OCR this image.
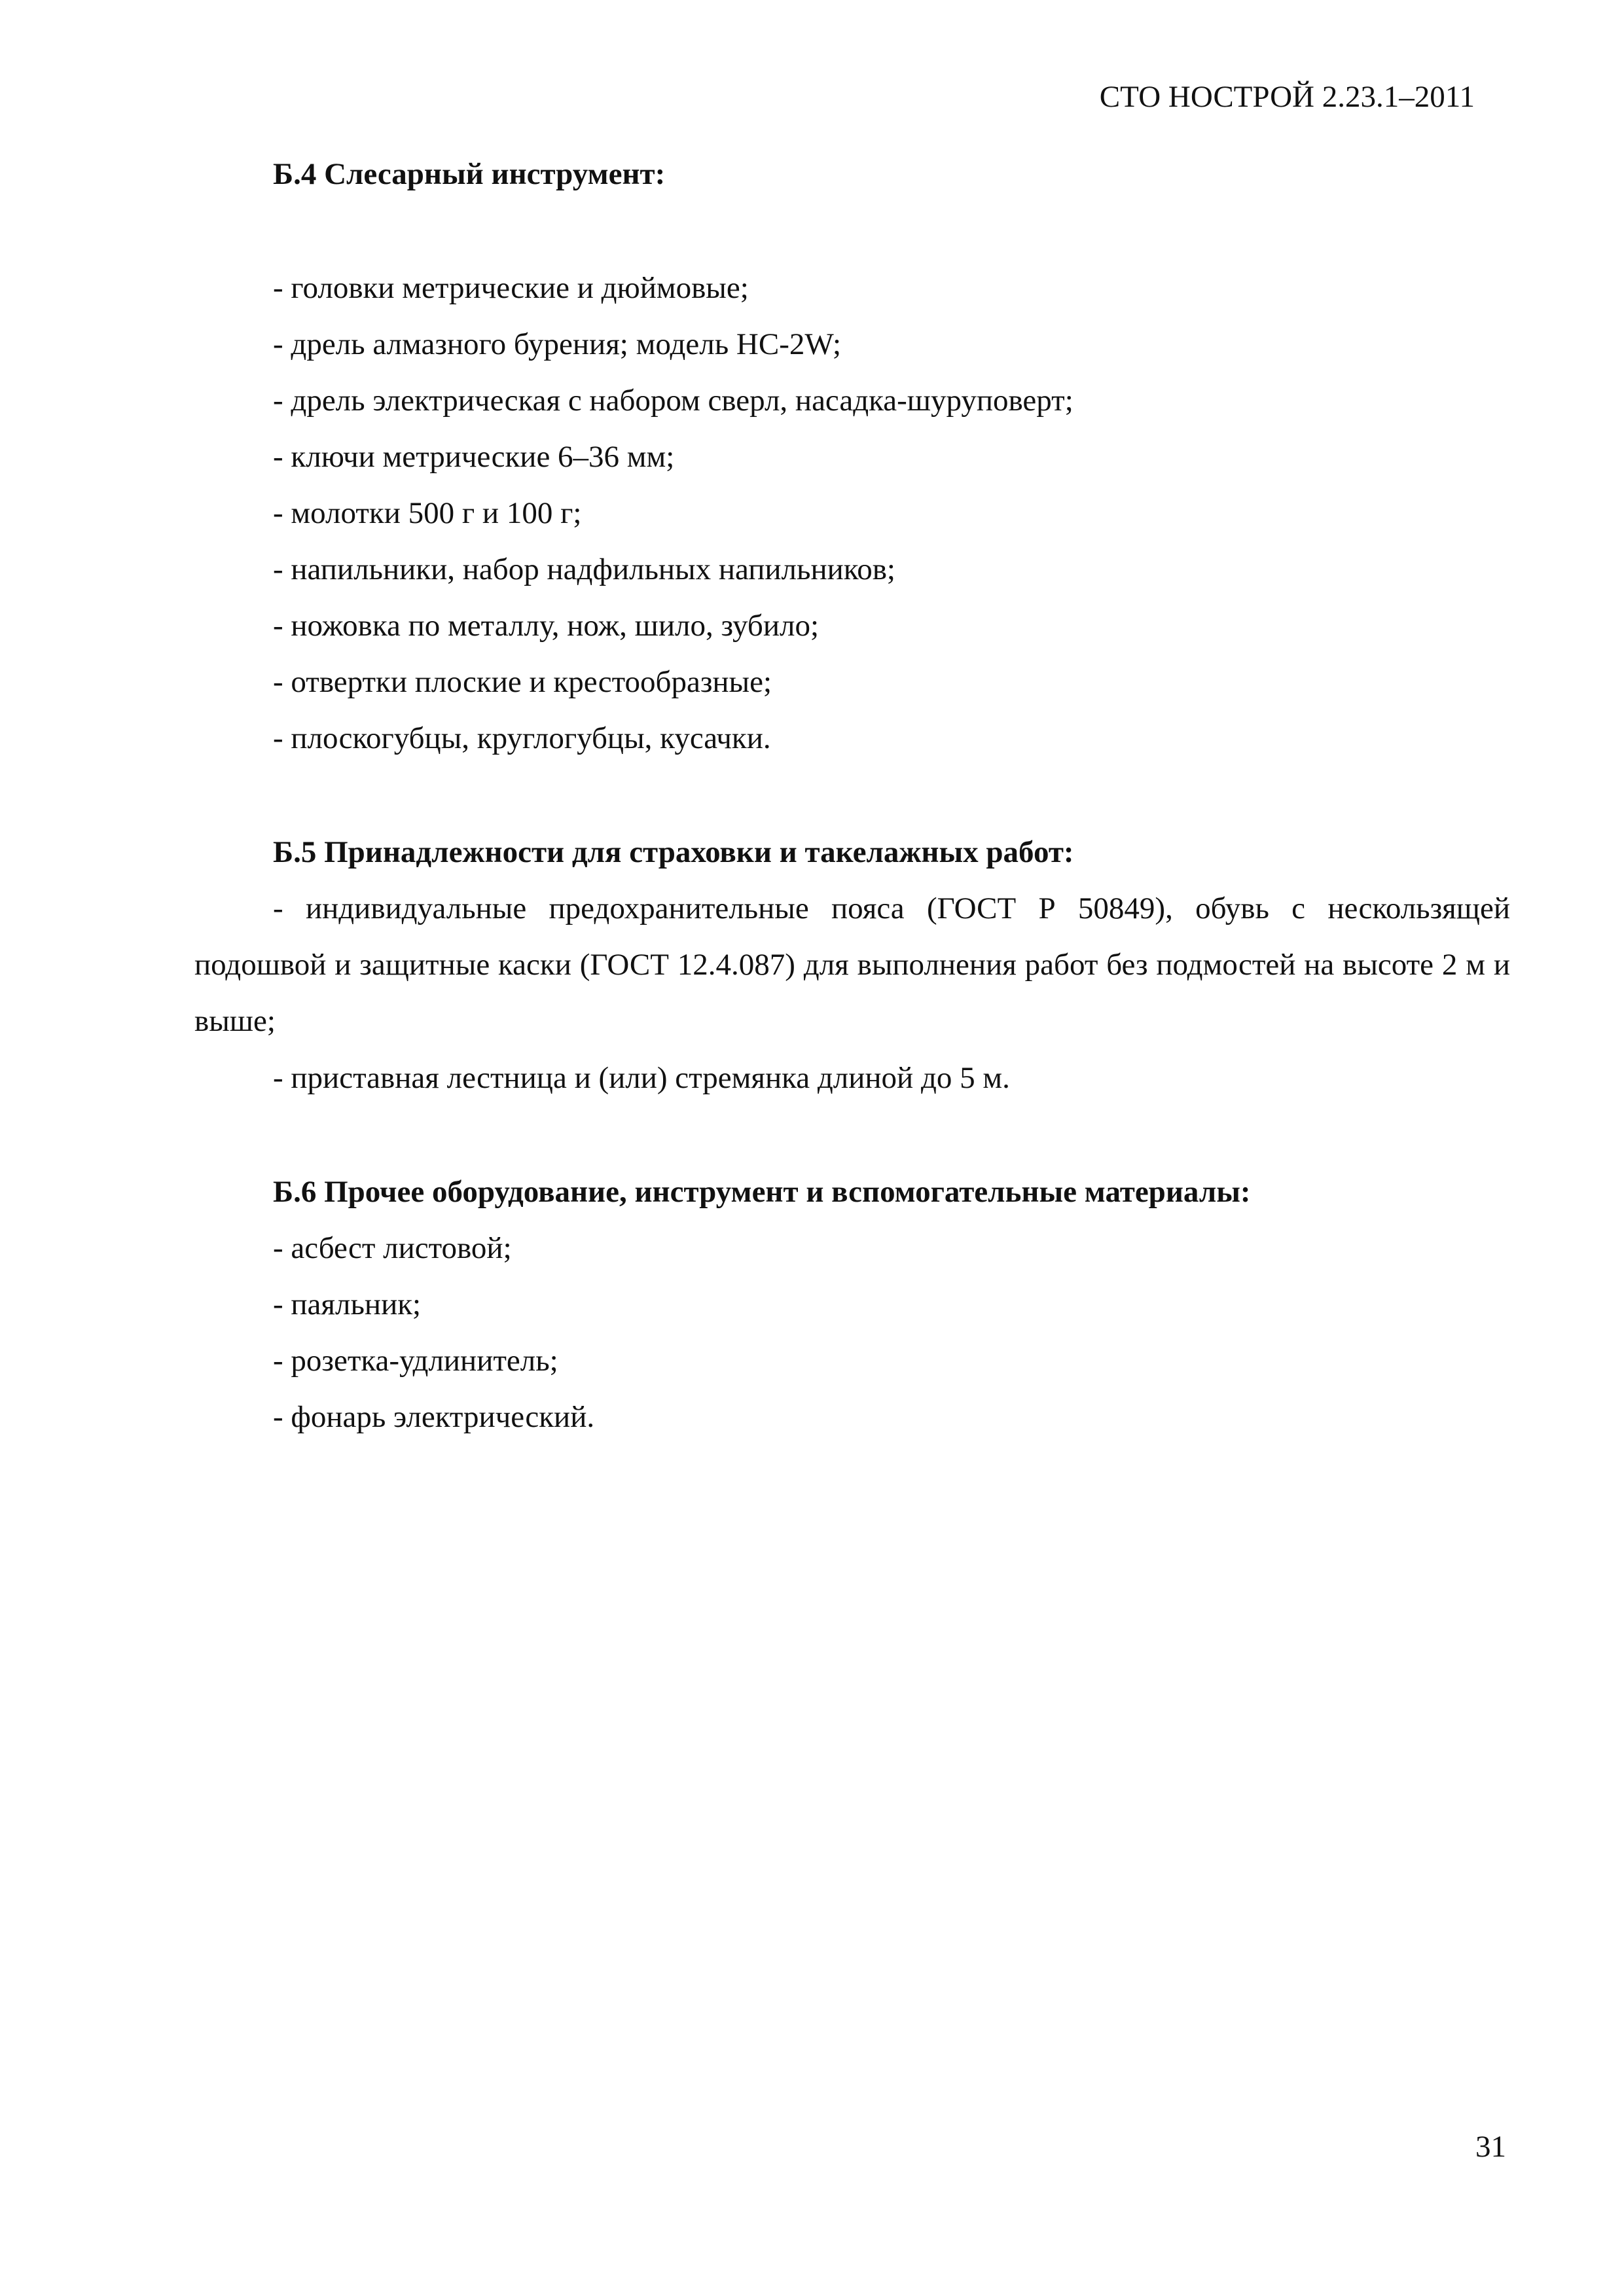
СТО НОСТРОЙ 2.23.1–2011
Б.4 Слесарный инструмент:
- головки метрические и дюймовые;
- дрель алмазного бурения; модель HC-2W;
- дрель электрическая с набором сверл, насадка-шуруповерт;
- ключи метрические 6–36 мм;
- молотки 500 г и 100 г;
- напильники, набор надфильных напильников;
- ножовка по металлу, нож, шило, зубило;
- отвертки плоские и крестообразные;
- плоскогубцы, круглогубцы, кусачки.
Б.5 Принадлежности для страховки и такелажных работ:
- индивидуальные предохранительные пояса (ГОСТ Р 50849), обувь с нескользящей подошвой и защитные каски (ГОСТ 12.4.087) для выполнения работ без подмостей на высоте 2 м и выше;
- приставная лестница и (или) стремянка длиной до 5 м.
Б.6 Прочее оборудование, инструмент и вспомогательные материалы:
- асбест листовой;
- паяльник;
- розетка-удлинитель;
- фонарь электрический.
31
